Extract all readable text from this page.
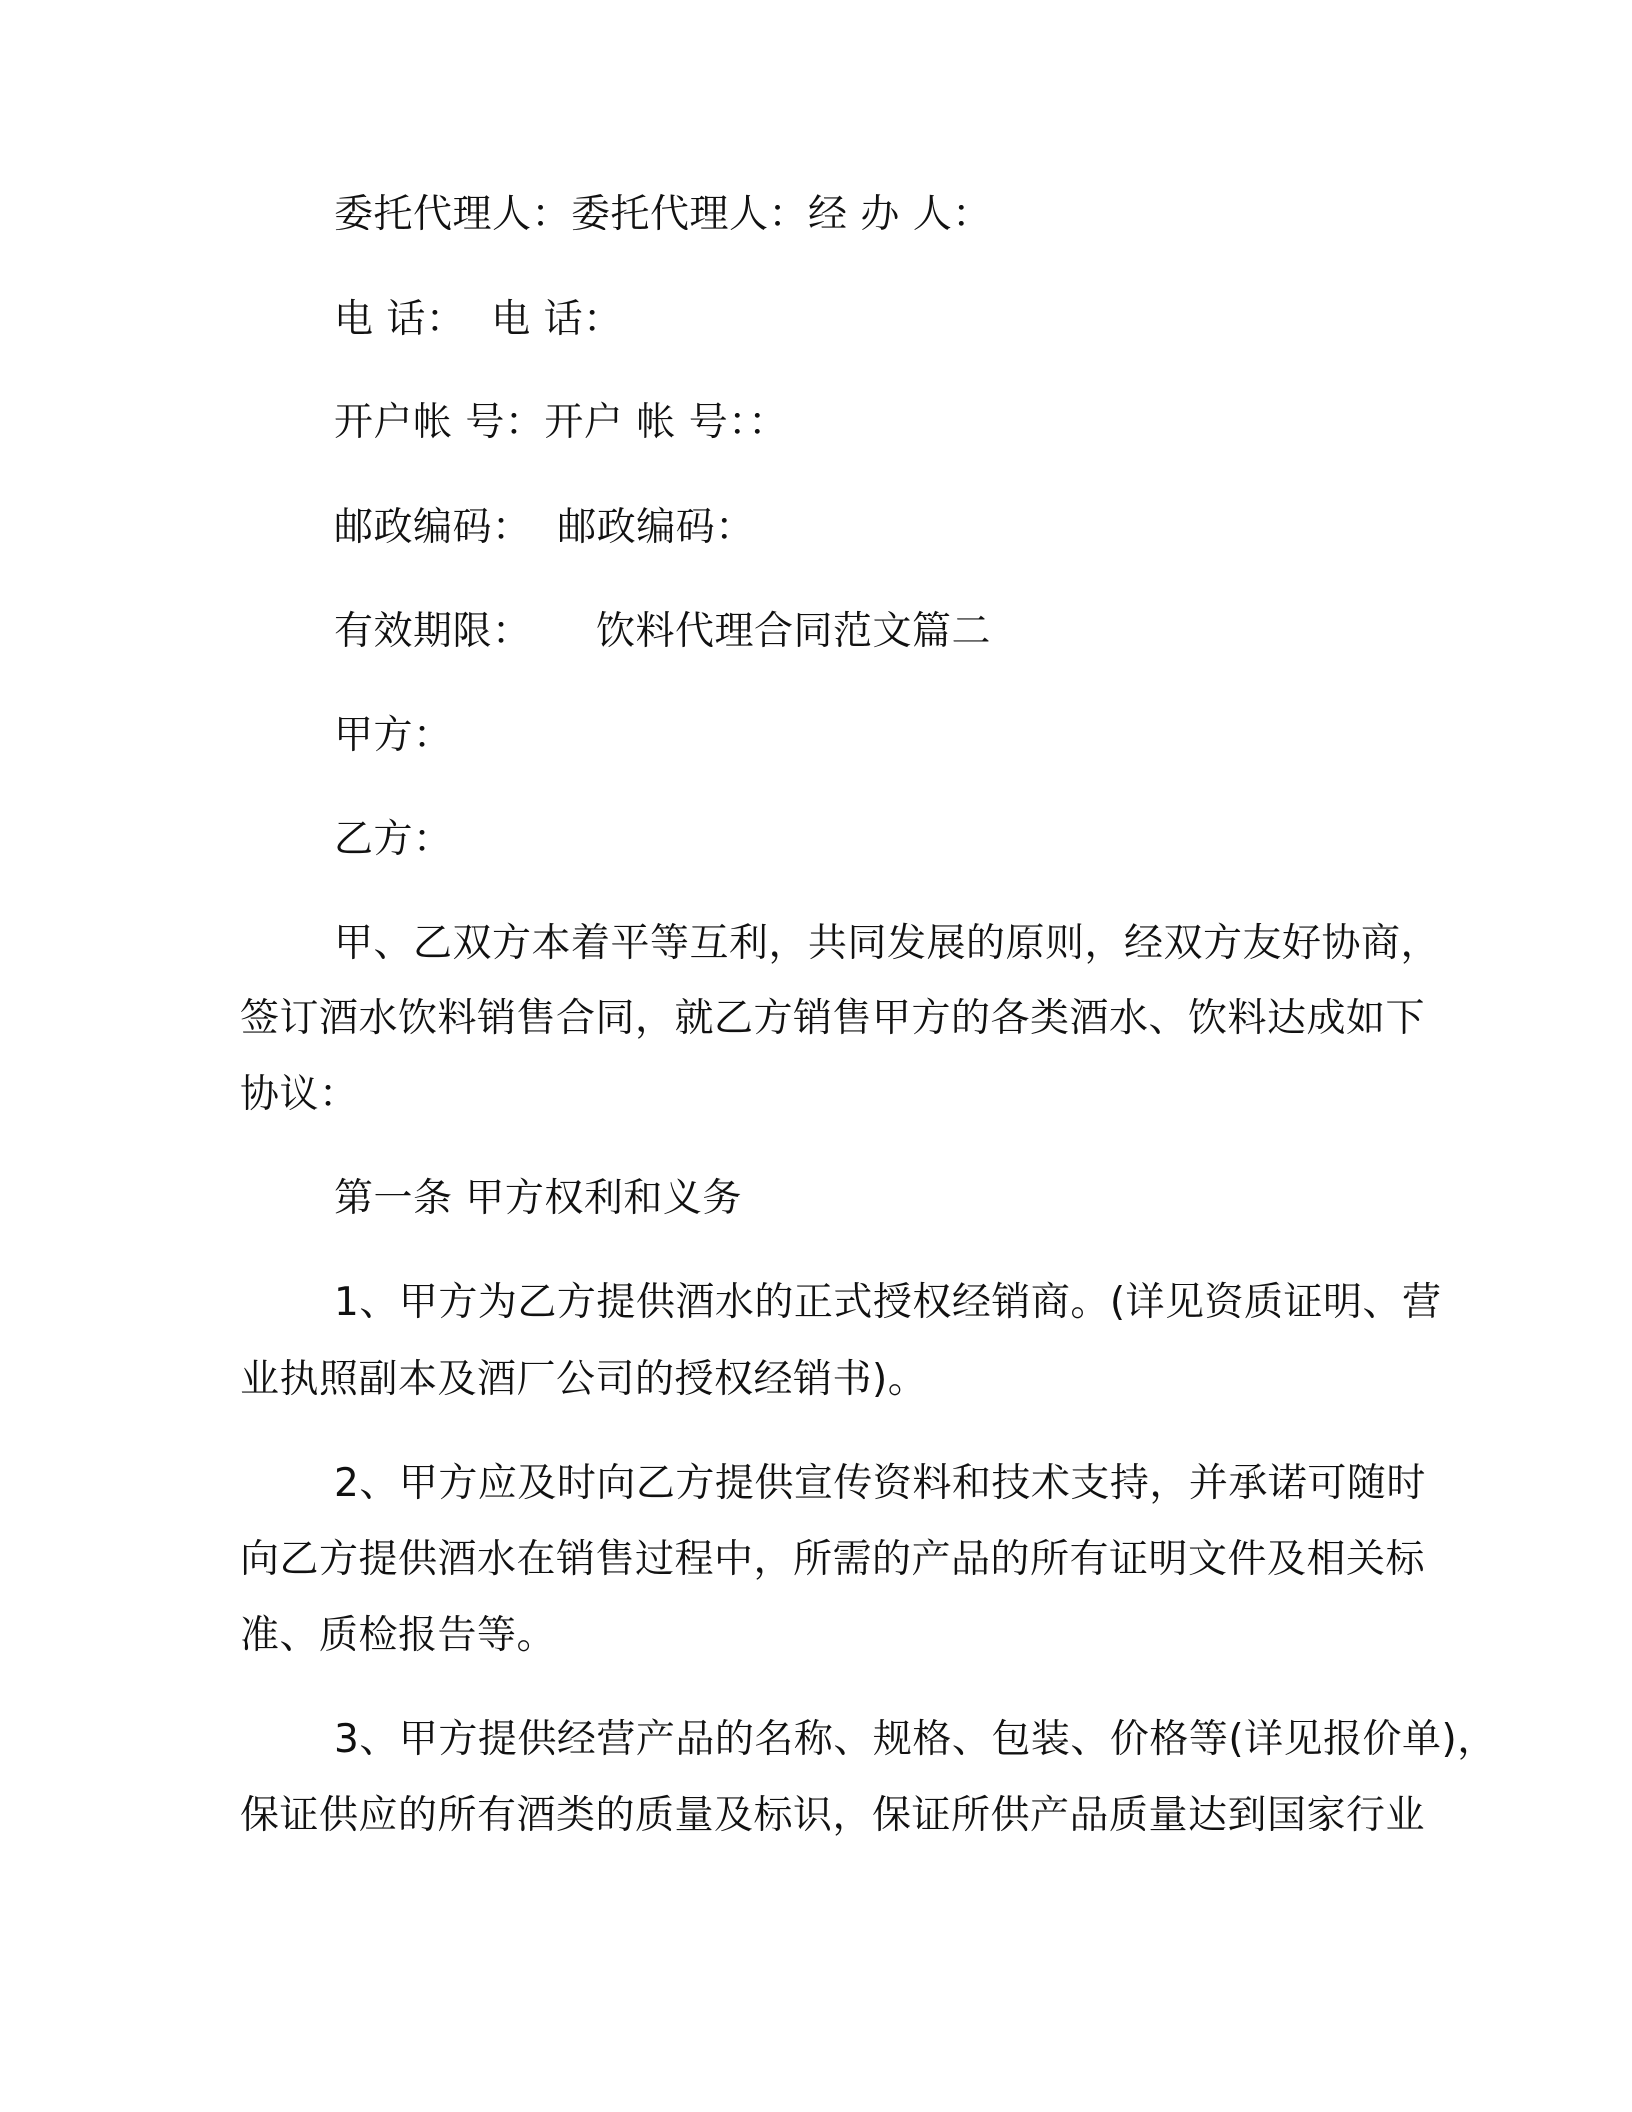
委托代理人：委托代理人：经 办 人：
电 话：  电 话：
开户帐 号：开户 帐 号：：
邮政编码：  邮政编码：
有效期限：     饮料代理合同范文篇二
甲方：
乙方：
甲、乙双方本着平等互利，共同发展的原则，经双方友好协商，
签订酒水饮料销售合同，就乙方销售甲方的各类酒水、饮料达成如下
协议：
第一条 甲方权利和义务
1、甲方为乙方提供酒水的正式授权经销商。(详见资质证明、营
业执照副本及酒厂公司的授权经销书)。
2、甲方应及时向乙方提供宣传资料和技术支持，并承诺可随时
向乙方提供酒水在销售过程中，所需的产品的所有证明文件及相关标
准、质检报告等。
3、甲方提供经营产品的名称、规格、包装、价格等(详见报价单)，
保证供应的所有酒类的质量及标识，保证所供产品质量达到国家行业
